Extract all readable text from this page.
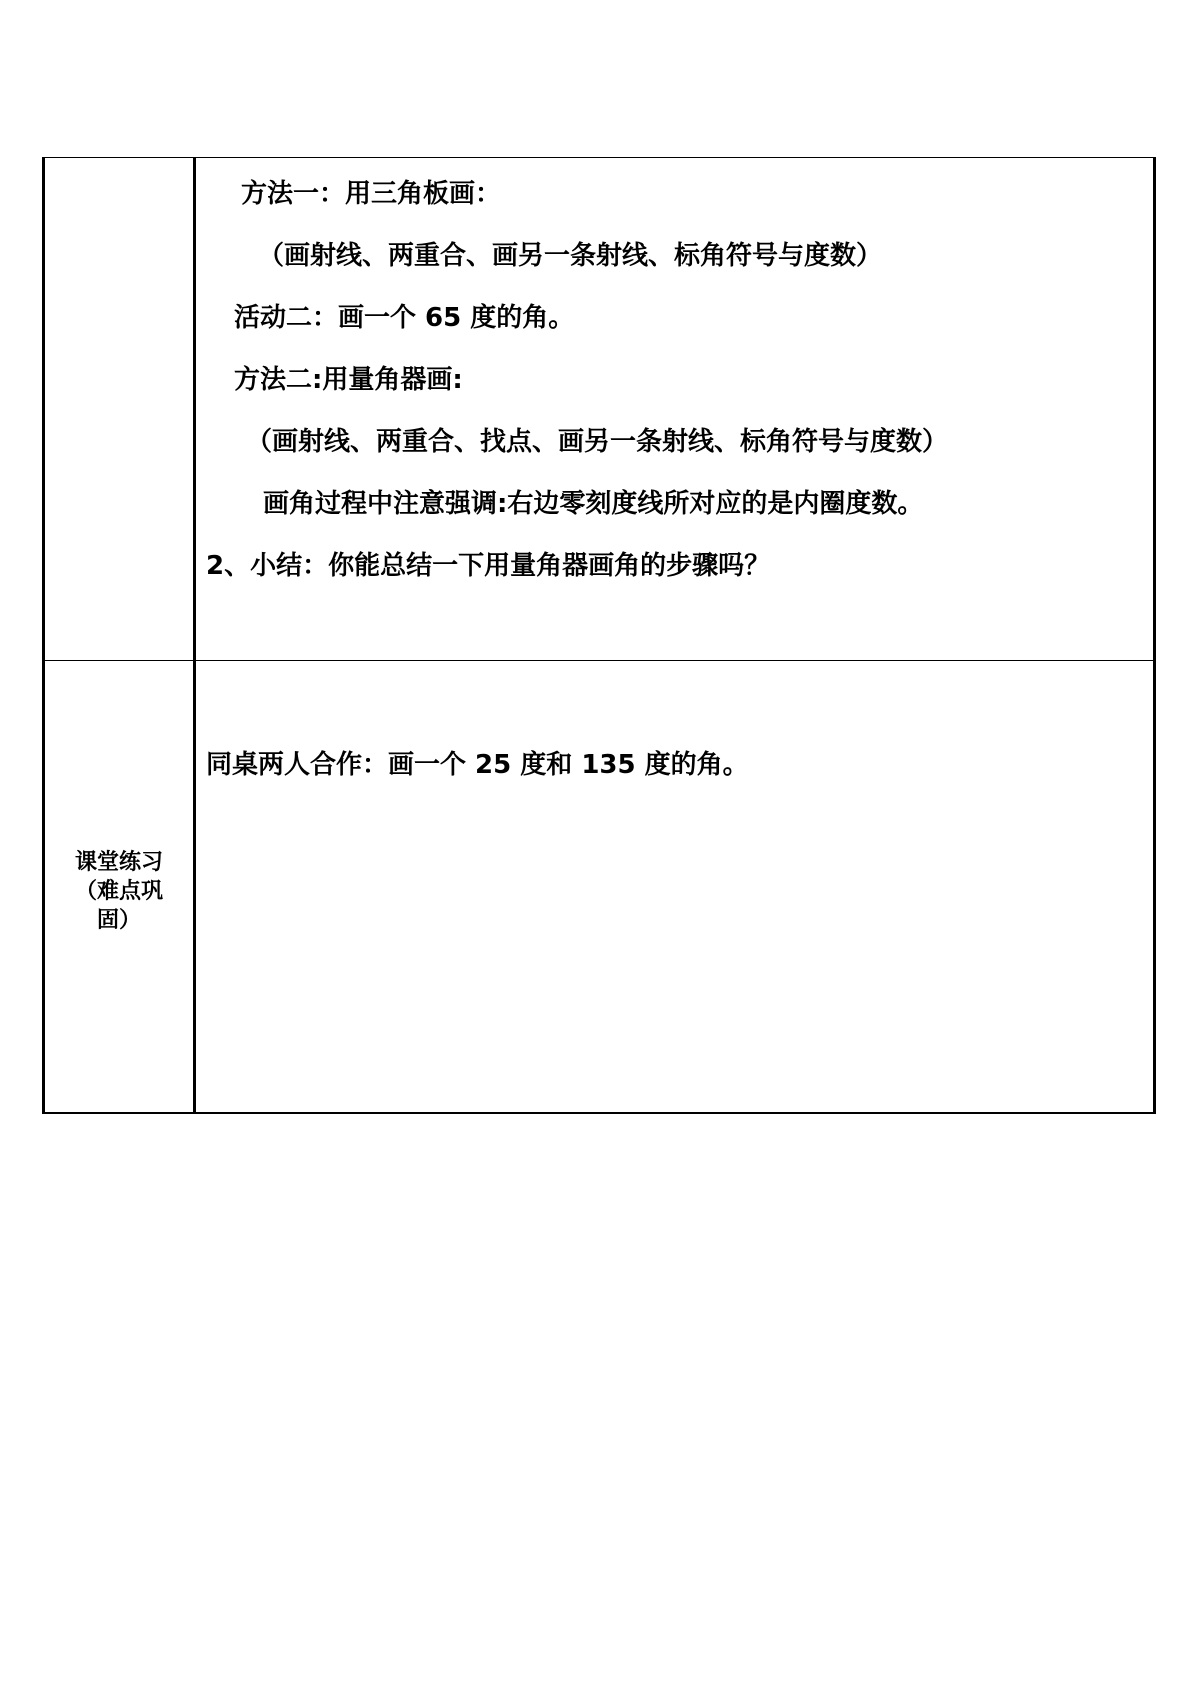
方法一：用三角板画：
（画射线、两重合、画另一条射线、标角符号与度数）
活动二：画一个 65 度的角。
方法二:用量角器画:
（画射线、两重合、找点、画另一条射线、标角符号与度数）
画角过程中注意强调:右边零刻度线所对应的是内圈度数。
2、小结：你能总结一下用量角器画角的步骤吗？
课堂练习
（难点巩
固）
同桌两人合作：画一个 25 度和 135 度的角。
